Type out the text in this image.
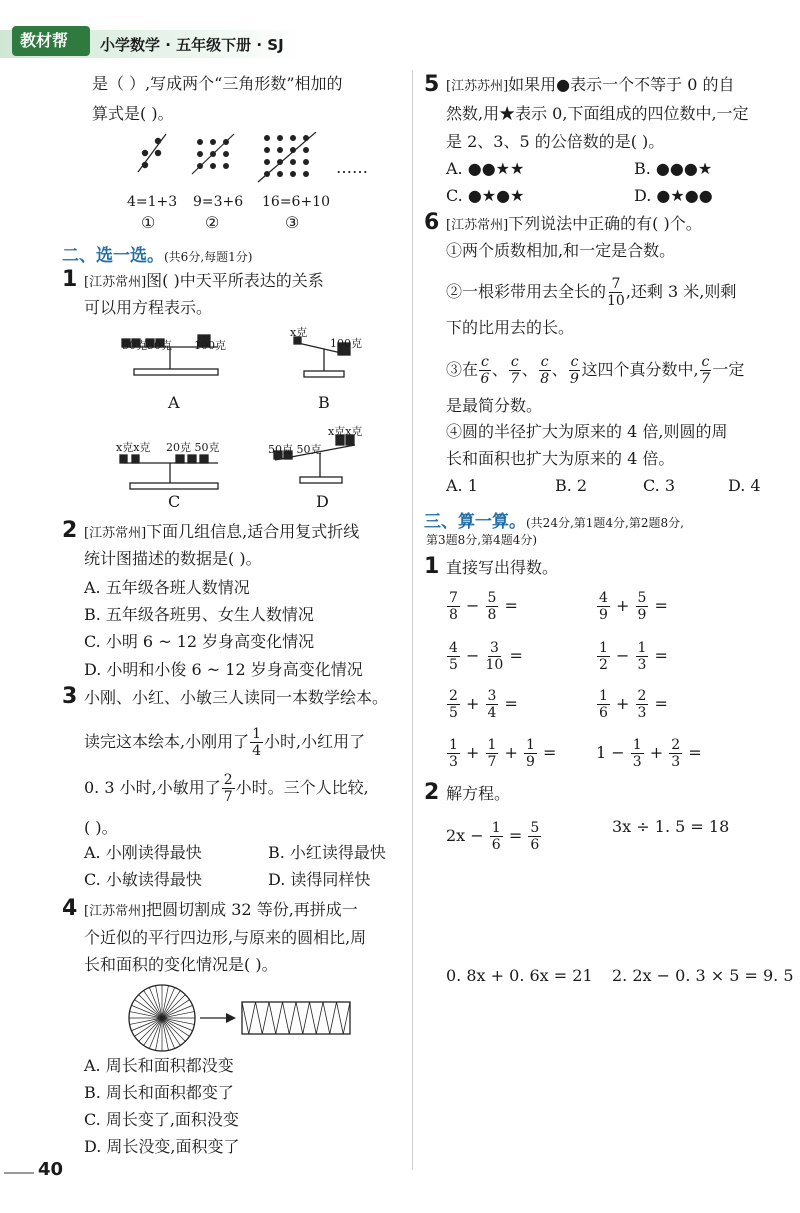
教材帮 小学数学 · 五年级下册 · SJ
是（ ）,写成两个“三角形数”相加的
算式是( )。
……
4=1+3 9=3+6 16=6+10
①	②	③
二、选一选。(共6分,每题1分)
1 [江苏常州]图( )中天平所表达的关系
可以用方程表示。
50克50克 100克
A
x克
100克
B
x克x克 20克 50克
C
50克 50克
x克x克
D
2 [江苏常州]下面几组信息,适合用复式折线
统计图描述的数据是( )。
A. 五年级各班人数情况
B. 五年级各班男、女生人数情况
C. 小明 6 ~ 12 岁身高变化情况
D. 小明和小俊 6 ~ 12 岁身高变化情况
3 小刚、小红、小敏三人读同一本数学绘本。
读完这本绘本,小刚用了 $\frac{1}{4}$ 小时,小红用了
0. 3 小时,小敏用了 $\frac{2}{7}$ 小时。三个人比较,
( )。
A. 小刚读得最快	B. 小红读得最快
C. 小敏读得最快	D. 读得同样快
4 [江苏常州]把圆切割成 32 等份,再拼成一
个近似的平行四边形,与原来的圆相比,周
长和面积的变化情况是( )。
A. 周长和面积都没变
B. 周长和面积都变了
C. 周长变了,面积没变
D. 周长没变,面积变了
40
5 [江苏苏州]如果用●表示一个不等于 0 的自
然数,用★表示 0,下面组成的四位数中,一定
是 2、3、5 的公倍数的是( )。
A. ●●★★	B. ●●●★
C. ●★●★	D. ●★●●
6 [江苏常州]下列说法中正确的有( )个。
①两个质数相加,和一定是合数。
②一根彩带用去全长的 $\frac{7}{10}$ ,还剩 3 米,则剩
下的比用去的长。
③在 $\frac{c}{6}$ 、 $\frac{c}{7}$ 、 $\frac{c}{8}$ 、 $\frac{c}{9}$ 这四个真分数中, $\frac{c}{7}$ 一定
是最简分数。
④圆的半径扩大为原来的 4 倍,则圆的周
长和面积也扩大为原来的 4 倍。
A. 1	B. 2	C. 3	D. 4
三、算一算。(共24分,第1题4分,第2题8分,
第3题8分,第4题4分)
1 直接写出得数。
$\frac{7}{8} - \frac{5}{8}$ =	$\frac{4}{9} + \frac{5}{9}$ =
$\frac{4}{5} - \frac{3}{10}$ =	$\frac{1}{2} - \frac{1}{3}$ =
$\frac{2}{5} + \frac{3}{4}$ =	$\frac{1}{6} + \frac{2}{3}$ =
$\frac{1}{3} + \frac{1}{7} + \frac{1}{9} = 1 - \frac{1}{3} + \frac{2}{3}$ =
2 解方程。
$2x - \frac{1}{6} = \frac{5}{6}$	3x ÷ 1. 5 = 18
0. 8x + 0. 6x = 21 2. 2x − 0. 3 × 5 = 9. 5
